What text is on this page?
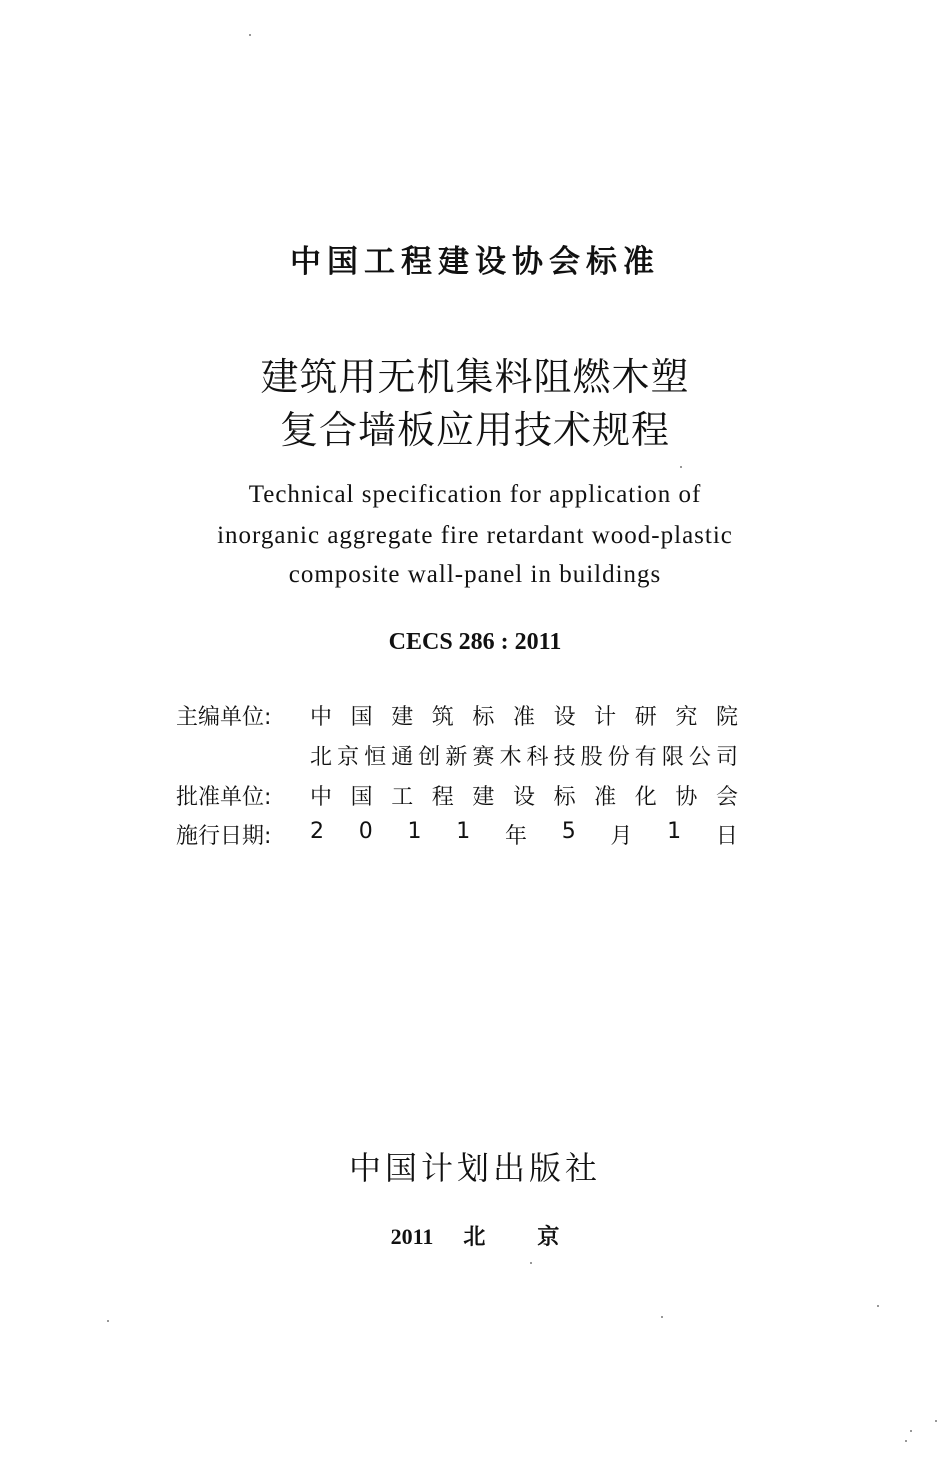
中国工程建设协会标准
建筑用无机集料阻燃木塑
复合墙板应用技术规程
Technical specification for application of
inorganic aggregate fire retardant wood-plastic
composite wall-panel in buildings
CECS 286 : 2011
主编单位:	中 国 建 筑 标 准 设 计 研 究 院
北京恒通创新赛木科技股份有限公司
批准单位:	中 国 工 程 建 设 标 准 化 协 会
施行日期:	2 0 1 1 年 5 月 1 日
中国计划出版社
2011 北京
